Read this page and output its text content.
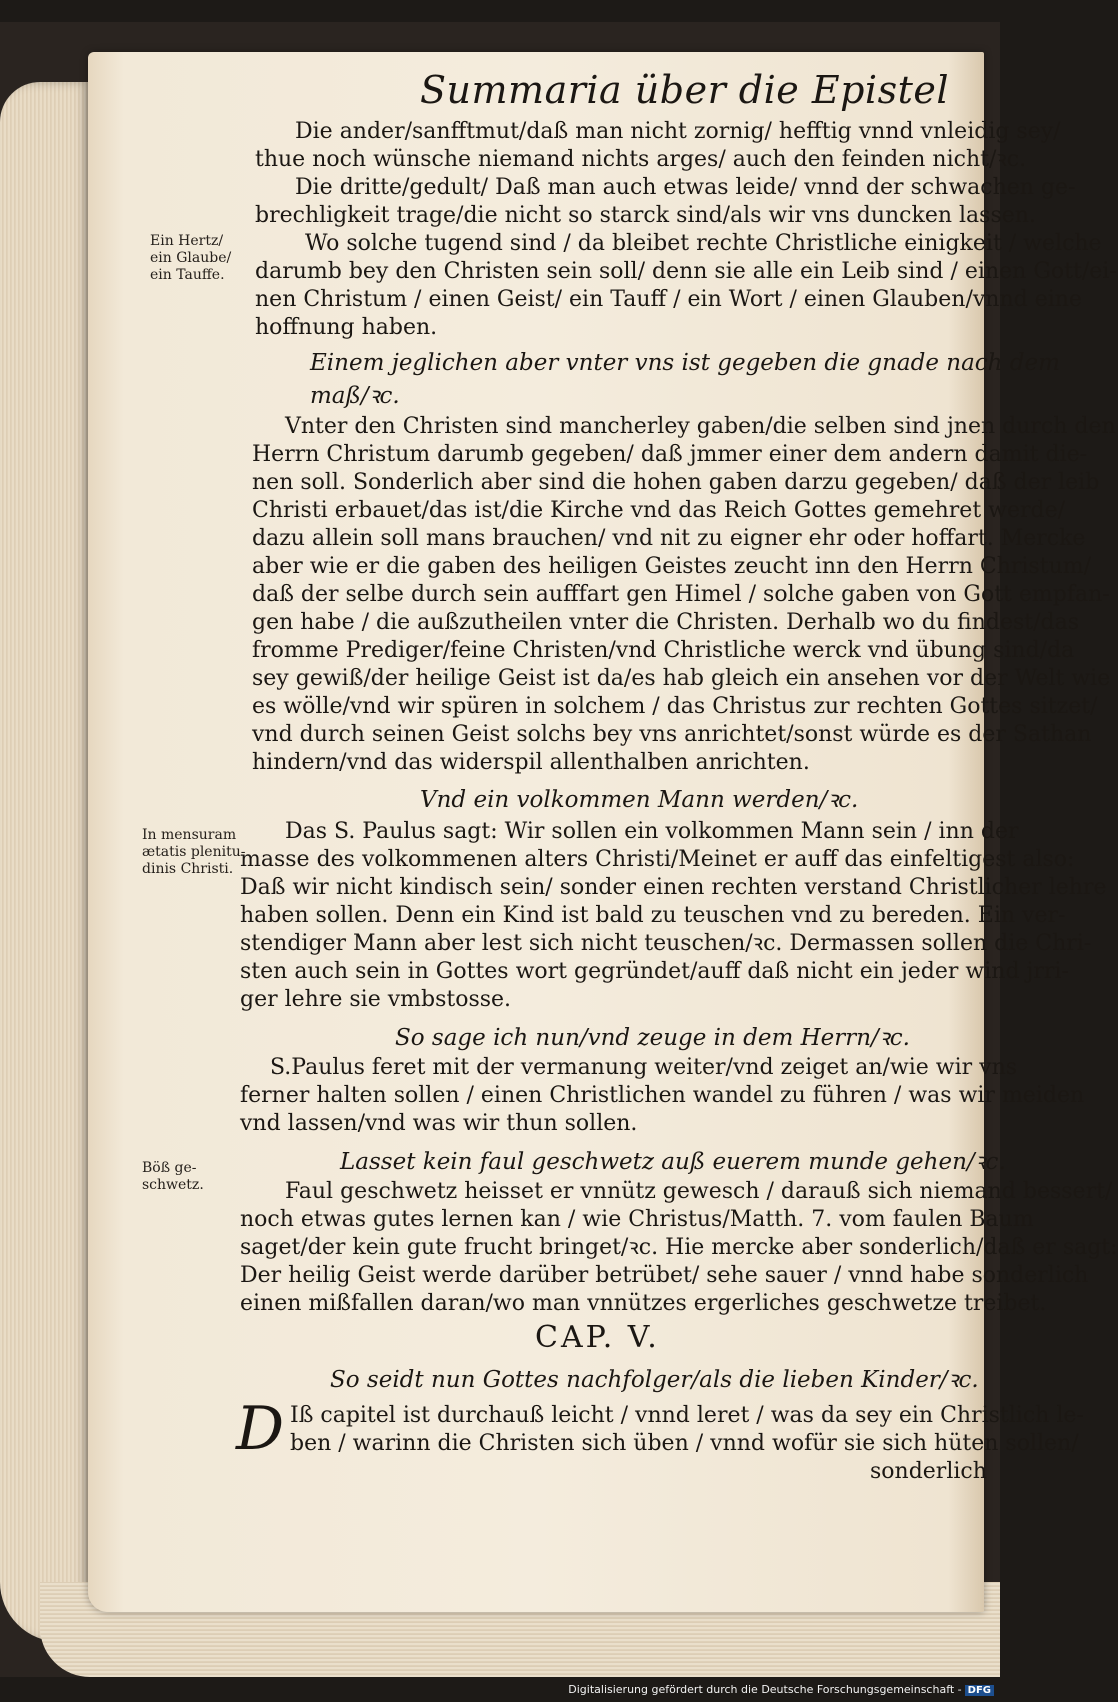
Summaria über die Epistel
Ein Hertz/
ein Glaube/
ein Tauffe.
In mensuram
ætatis plenitu-
dinis Christi.
Böß ge-
schwetz.
Die ander/sanfftmut/daß man nicht zornig/ hefftig vnnd vnleidig sey/
thue noch wünsche niemand nichts arges/ auch den feinden nicht/ꝛc.
Die dritte/gedult/ Daß man auch etwas leide/ vnnd der schwachen ge-
brechligkeit trage/die nicht so starck sind/als wir vns duncken lassen.
Wo solche tugend sind / da bleibet rechte Christliche einigkeit / welche
darumb bey den Christen sein soll/ denn sie alle ein Leib sind / einen Gott/ei-
nen Christum / einen Geist/ ein Tauff / ein Wort / einen Glauben/vnnd eine
hoffnung haben.
Einem jeglichen aber vnter vns ist gegeben die gnade nach dem
maß/ꝛc.
Vnter den Christen sind mancherley gaben/die selben sind jnen durch den
Herrn Christum darumb gegeben/ daß jmmer einer dem andern damit die-
nen soll. Sonderlich aber sind die hohen gaben darzu gegeben/ daß der leib
Christi erbauet/das ist/die Kirche vnd das Reich Gottes gemehret werde/
dazu allein soll mans brauchen/ vnd nit zu eigner ehr oder hoffart. Mercke
aber wie er die gaben des heiligen Geistes zeucht inn den Herrn Christum/
daß der selbe durch sein aufffart gen Himel / solche gaben von Gott empfan-
gen habe / die außzutheilen vnter die Christen. Derhalb wo du findest/das
fromme Prediger/feine Christen/vnd Christliche werck vnd übung sind/da
sey gewiß/der heilige Geist ist da/es hab gleich ein ansehen vor der Welt wie
es wölle/vnd wir spüren in solchem / das Christus zur rechten Gottes sitzet/
vnd durch seinen Geist solchs bey vns anrichtet/sonst würde es der Sathan
hindern/vnd das widerspil allenthalben anrichten.
Vnd ein volkommen Mann werden/ꝛc.
Das S. Paulus sagt: Wir sollen ein volkommen Mann sein / inn der
masse des volkommenen alters Christi/Meinet er auff das einfeltigest also:
Daß wir nicht kindisch sein/ sonder einen rechten verstand Christlicher lehre
haben sollen. Denn ein Kind ist bald zu teuschen vnd zu bereden. Ein ver-
stendiger Mann aber lest sich nicht teuschen/ꝛc. Dermassen sollen die Chri-
sten auch sein in Gottes wort gegründet/auff daß nicht ein jeder wind jrri-
ger lehre sie vmbstosse.
So sage ich nun/vnd zeuge in dem Herrn/ꝛc.
S.Paulus feret mit der vermanung weiter/vnd zeiget an/wie wir vns
ferner halten sollen / einen Christlichen wandel zu führen / was wir meiden
vnd lassen/vnd was wir thun sollen.
Lasset kein faul geschwetz auß euerem munde gehen/ꝛc.
Faul geschwetz heisset er vnnütz gewesch / darauß sich niemand bessert/
noch etwas gutes lernen kan / wie Christus/Matth. 7. vom faulen Baum
saget/der kein gute frucht bringet/ꝛc. Hie mercke aber sonderlich/daß er sagt:
Der heilig Geist werde darüber betrübet/ sehe sauer / vnnd habe sonderlich
einen mißfallen daran/wo man vnnützes ergerliches geschwetze treibet.
CAP. V.
So seidt nun Gottes nachfolger/als die lieben Kinder/ꝛc.
D Iß capitel ist durchauß leicht / vnnd leret / was da sey ein Christlich le-
ben / warinn die Christen sich üben / vnnd wofür sie sich hüten sollen/
sonderlich
Digitalisierung gefördert durch die Deutsche Forschungsgemeinschaft - DFG
